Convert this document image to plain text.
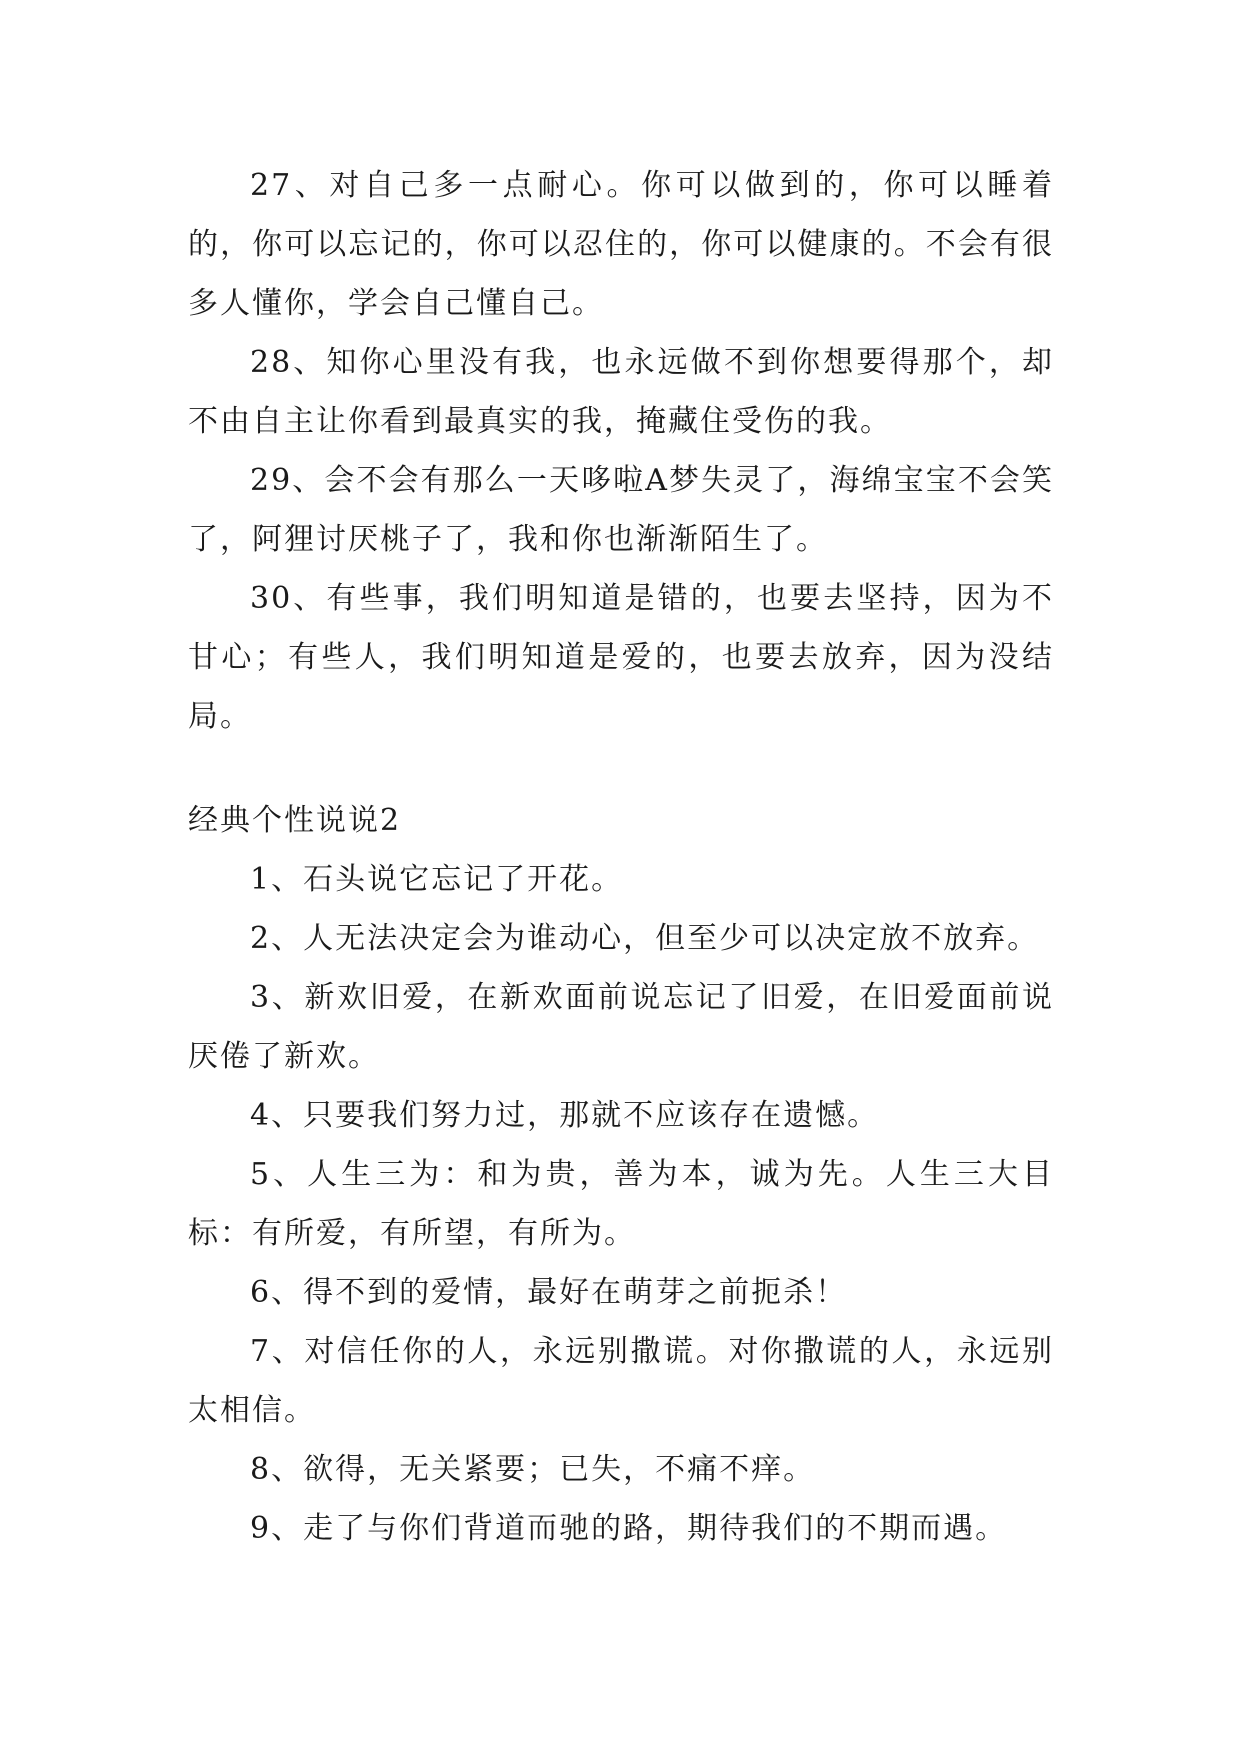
27、对自己多一点耐心。你可以做到的，你可以睡着的，你可以忘记的，你可以忍住的，你可以健康的。不会有很多人懂你，学会自己懂自己。

28、知你心里没有我，也永远做不到你想要得那个，却不由自主让你看到最真实的我，掩藏住受伤的我。

29、会不会有那么一天哆啦A梦失灵了，海绵宝宝不会笑了，阿狸讨厌桃子了，我和你也渐渐陌生了。

30、有些事，我们明知道是错的，也要去坚持，因为不甘心；有些人，我们明知道是爱的，也要去放弃，因为没结局。

经典个性说说2

1、石头说它忘记了开花。

2、人无法决定会为谁动心，但至少可以决定放不放弃。

3、新欢旧爱，在新欢面前说忘记了旧爱，在旧爱面前说厌倦了新欢。

4、只要我们努力过，那就不应该存在遗憾。

5、人生三为：和为贵，善为本，诚为先。人生三大目标：有所爱，有所望，有所为。

6、得不到的爱情，最好在萌芽之前扼杀！

7、对信任你的人，永远别撒谎。对你撒谎的人，永远别太相信。

8、欲得，无关紧要；已失，不痛不痒。

9、走了与你们背道而驰的路，期待我们的不期而遇。
